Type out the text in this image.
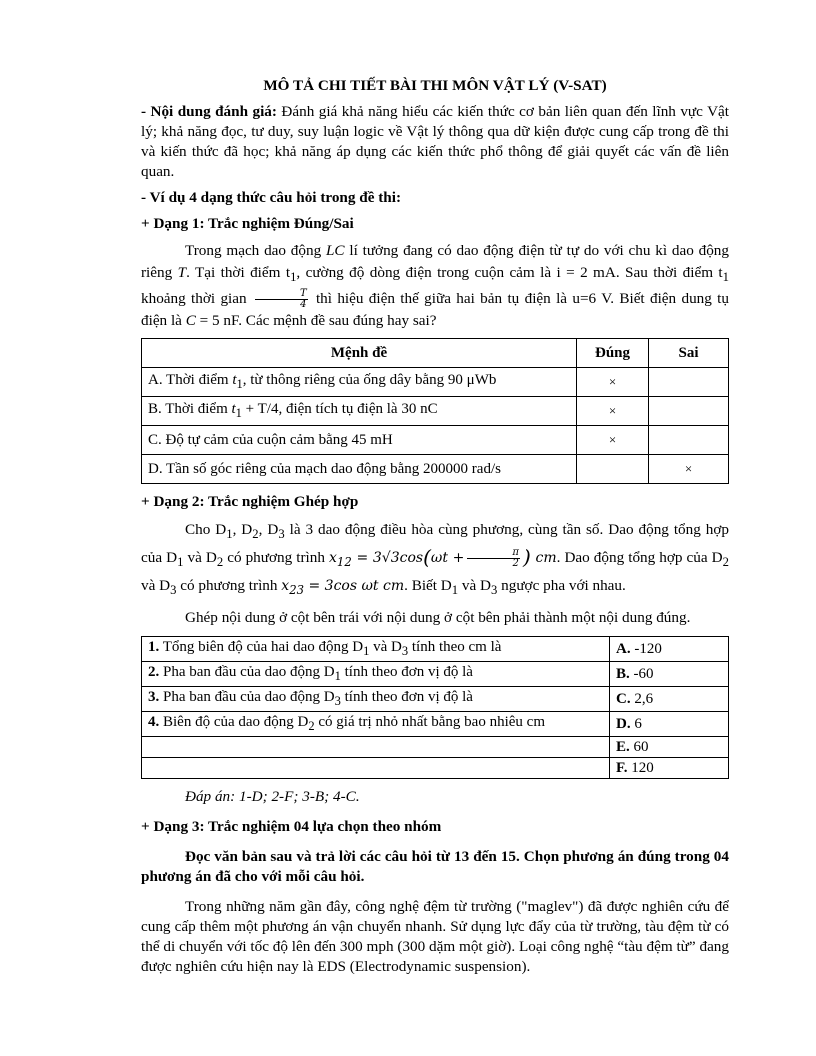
MÔ TẢ CHI TIẾT BÀI THI MÔN VẬT LÝ (V-SAT)

- Nội dung đánh giá: Đánh giá khả năng hiểu các kiến thức cơ bản liên quan đến lĩnh vực Vật lý; khả năng đọc, tư duy, suy luận logic về Vật lý thông qua dữ kiện được cung cấp trong đề thi và kiến thức đã học; khả năng áp dụng các kiến thức phổ thông để giải quyết các vấn đề liên quan.

- Ví dụ 4 dạng thức câu hỏi trong đề thi:

+ Dạng 1: Trắc nghiệm Đúng/Sai

Trong mạch dao động LC lí tưởng đang có dao động điện từ tự do với chu kì dao động riêng T. Tại thời điểm $t_1$, cường độ dòng điện trong cuộn cảm là i = 2 mA. Sau thời điểm $t_1$ khoảng thời gian $\frac{T}{4}$ thì hiệu điện thế giữa hai bản tụ điện là u=6 V. Biết điện dung tụ điện là C = 5 nF. Các mệnh đề sau đúng hay sai?

Mệnh đề	Đúng	Sai
A. Thời điểm $t_1$, từ thông riêng của ống dây bằng 90 μWb	×	
B. Thời điểm $t_1 + T/4$, điện tích tụ điện là 30 nC	×	
C. Độ tự cảm của cuộn cảm bằng 45 mH	×	
D. Tần số góc riêng của mạch dao động bằng 200000 rad/s		×

+ Dạng 2: Trắc nghiệm Ghép hợp

Cho $D_1$, $D_2$, $D_3$ là 3 dao động điều hòa cùng phương, cùng tần số. Dao động tổng hợp của $D_1$ và $D_2$ có phương trình $x_{12} = 3√3\cos(\omega t + \frac{\pi}{2}$ ) cm. Dao động tổng hợp của $D_2$ và $D_3$ có phương trình $x_{23} = 3\cos$ ωt cm. Biết $D_1$ và $D_3$ ngược pha với nhau.

Ghép nội dung ở cột bên trái với nội dung ở cột bên phải thành một nội dung đúng.

1. Tổng biên độ của hai dao động $D_1$ và $D_3$ tính theo cm là	A. -120
2. Pha ban đầu của dao động $D_1$ tính theo đơn vị độ là	B. -60
3. Pha ban đầu của dao động $D_3$ tính theo đơn vị độ là	C. 2,6
4. Biên độ của dao động $D_2$ có giá trị nhỏ nhất bằng bao nhiêu cm	D. 6
	E. 60
	F. 120

Đáp án: 1-D; 2-F; 3-B; 4-C.

+ Dạng 3: Trắc nghiệm 04 lựa chọn theo nhóm

Đọc văn bản sau và trả lời các câu hỏi từ 13 đến 15. Chọn phương án đúng trong 04 phương án đã cho với mỗi câu hỏi.

Trong những năm gần đây, công nghệ đệm từ trường ("maglev") đã được nghiên cứu để cung cấp thêm một phương án vận chuyển nhanh. Sử dụng lực đẩy của từ trường, tàu đệm từ có thể di chuyển với tốc độ lên đến 300 mph (300 dặm một giờ). Loại công nghệ “tàu đệm từ” đang được nghiên cứu hiện nay là EDS (Electrodynamic suspension).
